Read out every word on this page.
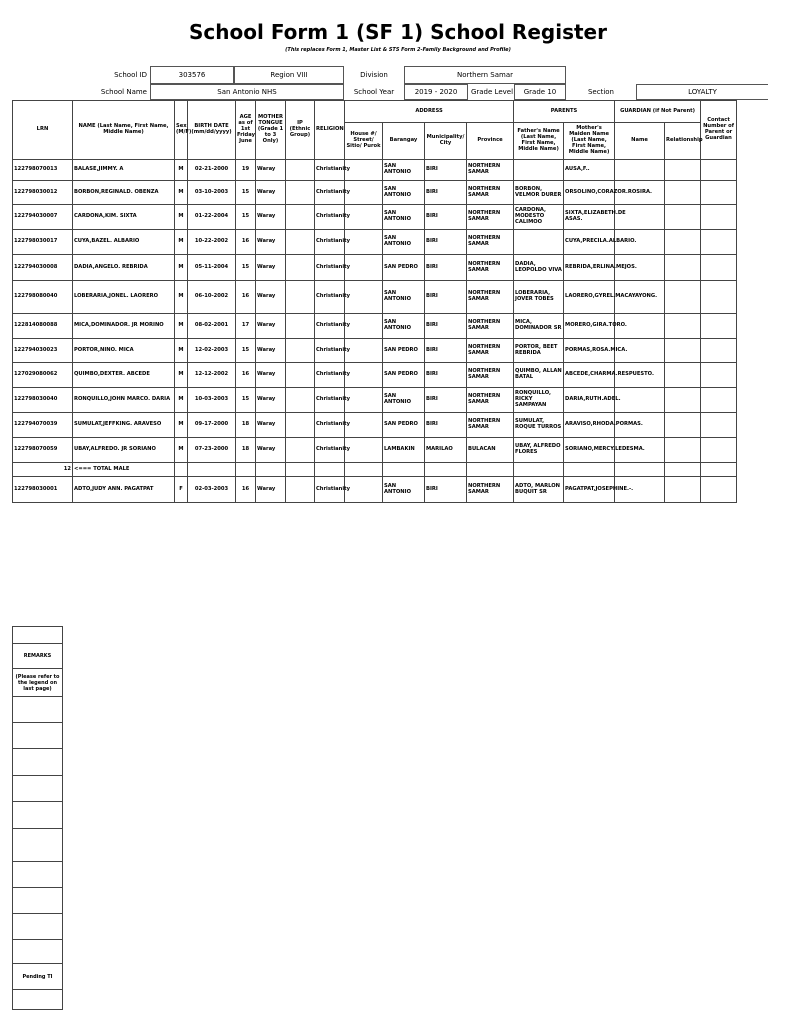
School Form 1 (SF 1) School Register
(This replaces Form 1, Master List & STS Form 2-Family Background and Profile)
School ID	303576	Region VIII	Division	Northern Samar
School Name	San Antonio NHS	School Year	2019 - 2020	Grade Level	Grade 10	Section	LOYALTY
LRN	NAME (Last Name, First Name, Middle Name)	Sex (M/F)	BIRTH DATE (mm/dd/yyyy)	AGE as of 1st Friday June	MOTHER TONGUE (Grade 1 to 3 Only)	IP (Ethnic Group)	RELIGION	ADDRESS				PARENTS		GUARDIAN (if Not Parent)		Contact Number of Parent or Guardian
								House #/ Street/ Sitio/ Purok	Barangay	Municipality/ City	Province	Father's Name (Last Name, First Name, Middle Name)	Mother's Maiden Name (Last Name, First Name, Middle Name)	Name	Relationship	
122798070013	BALASE,JIMMY. A	M	02-21-2000	19	Waray		Christianity		SAN ANTONIO	BIRI	NORTHERN SAMAR		AUSA,F..			
122798030012	BORBON,REGINALD. OBENZA	M	03-10-2003	15	Waray		Christianity		SAN ANTONIO	BIRI	NORTHERN SAMAR	BORBON, VELMOR DURER	ORSOLINO,CORAZOR.ROSIRA.			
122794030007	CARDONA,KIM. SIXTA	M	01-22-2004	15	Waray		Christianity		SAN ANTONIO	BIRI	NORTHERN SAMAR	CARDONA, MODESTO CALIMOO	SIXTA,ELIZABETH.DE ASAS.			
122798030017	CUYA,BAZEL. ALBARIO	M	10-22-2002	16	Waray		Christianity		SAN ANTONIO	BIRI	NORTHERN SAMAR		CUYA,PRECILA.ALBARIO.			
122794030008	DADIA,ANGELO. REBRIDA	M	05-11-2004	15	Waray		Christianity		SAN PEDRO	BIRI	NORTHERN SAMAR	DADIA, LEOPOLDO VIVA	REBRIDA,ERLINA.MEJOS.			
122798080040	LOBERARIA,JONEL. LAORERO	M	06-10-2002	16	Waray		Christianity		SAN ANTONIO	BIRI	NORTHERN SAMAR	LOBERARIA, JOVER TOBES	LAORERO,GYREL.MACAYAYONG.			
122814080088	MICA,DOMINADOR. JR MORINO	M	08-02-2001	17	Waray		Christianity		SAN ANTONIO	BIRI	NORTHERN SAMAR	MICA, DOMINADOR SR	MORERO,GIRA.TORO.			
122794030023	PORTOR,NINO. MICA	M	12-02-2003	15	Waray		Christianity		SAN PEDRO	BIRI	NORTHERN SAMAR	PORTOR, BEET REBRIDA	PORMAS,ROSA.MICA.			
127029080062	QUIMBO,DEXTER. ABCEDE	M	12-12-2002	16	Waray		Christianity		SAN PEDRO	BIRI	NORTHERN SAMAR	QUIMBO, ALLAN BATAL	ABCEDE,CHARMA.RESPUESTO.			
122798030040	RONQUILLO,JOHN MARCO. DARIA	M	10-03-2003	15	Waray		Christianity		SAN ANTONIO	BIRI	NORTHERN SAMAR	RONQUILLO, RICKY SAMPAYAN	DARIA,RUTH.ADEL.			
122794070039	SUMULAT,JEFFKING. ARAVESO	M	09-17-2000	18	Waray		Christianity		SAN PEDRO	BIRI	NORTHERN SAMAR	SUMULAT, ROQUE TURROS	ARAVISO,RHODA.PORMAS.			
122798070059	UBAY,ALFREDO. JR SORIANO	M	07-23-2000	18	Waray		Christianity		LAMBAKIN	MARILAO	BULACAN	UBAY, ALFREDO FLORES	SORIANO,MERCY.LEDESMA.			
12	<=== TOTAL MALE															
122798030001	ADTO,JUDY ANN. PAGATPAT	F	02-03-2003	16	Waray		Christianity		SAN ANTONIO	BIRI	NORTHERN SAMAR	ADTO, MARLON BUQUIT SR	PAGATPAT,JOSEPHINE.-.			

REMARKS
(Please refer to the legend on last page)

Pending TI
